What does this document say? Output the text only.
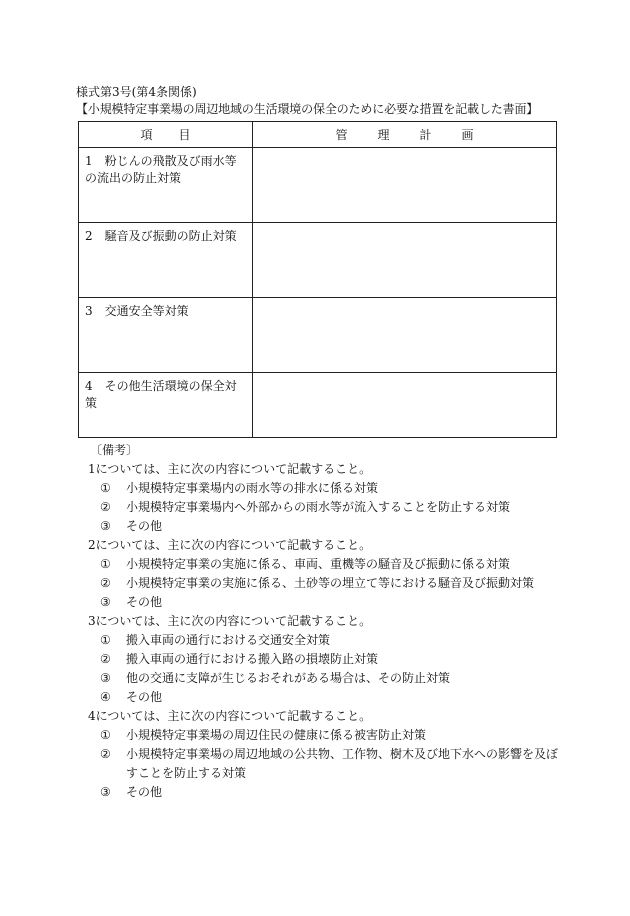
様式第3号(第4条関係)
【小規模特定事業場の周辺地域の生活環境の保全のために必要な措置を記載した書面】
項目	管理計画

1　粉じんの飛散及び雨水等の流出の防止対策	

2　騒音及び振動の防止対策	

3　交通安全等対策	

4　その他生活環境の保全対策	

〔備考〕
1については、主に次の内容について記載すること。
①	小規模特定事業場内の雨水等の排水に係る対策
②	小規模特定事業場内へ外部からの雨水等が流入することを防止する対策
③	その他
2については、主に次の内容について記載すること。
①	小規模特定事業の実施に係る、車両、重機等の騒音及び振動に係る対策
②	小規模特定事業の実施に係る、土砂等の埋立て等における騒音及び振動対策
③	その他
3については、主に次の内容について記載すること。
①	搬入車両の通行における交通安全対策
②	搬入車両の通行における搬入路の損壊防止対策
③	他の交通に支障が生じるおそれがある場合は、その防止対策
④	その他
4については、主に次の内容について記載すること。
①	小規模特定事業場の周辺住民の健康に係る被害防止対策
②	小規模特定事業場の周辺地域の公共物、工作物、樹木及び地下水への影響を及ぼすことを防止する対策
③	その他
